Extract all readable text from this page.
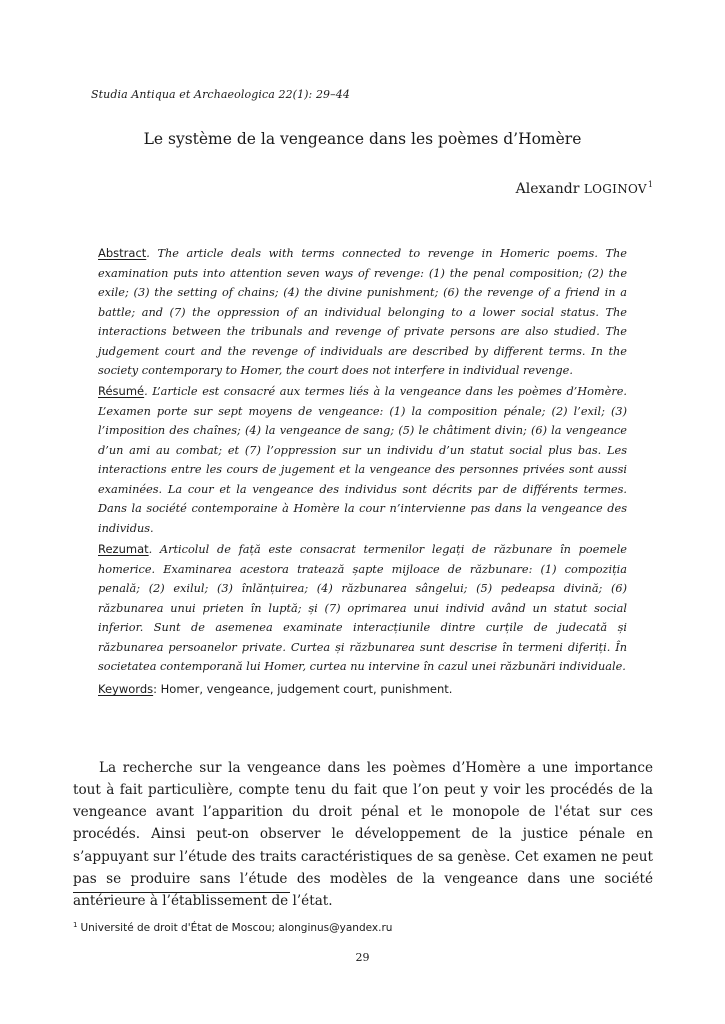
Studia Antiqua et Archaeologica 22(1): 29–44
Le système de la vengeance dans les poèmes d’Homère
Alexandr LOGINOV$^1$
Abstract. The article deals with terms connected to revenge in Homeric poems. The examination puts into attention seven ways of revenge: (1) the penal composition; (2) the exile; (3) the setting of chains; (4) the divine punishment; (6) the revenge of a friend in a battle; and (7) the oppression of an individual belonging to a lower social status. The interactions between the tribunals and revenge of private persons are also studied. The judgement court and the revenge of individuals are described by different terms. In the society contemporary to Homer, the court does not interfere in individual revenge.
Résumé. L’article est consacré aux termes liés à la vengeance dans les poèmes d’Homère. L’examen porte sur sept moyens de vengeance: (1) la composition pénale; (2) l’exil; (3) l’imposition des chaînes; (4) la vengeance de sang; (5) le châtiment divin; (6) la vengeance d’un ami au combat; et (7) l’oppression sur un individu d’un statut social plus bas. Les interactions entre les cours de jugement et la vengeance des personnes privées sont aussi examinées. La cour et la vengeance des individus sont décrits par de différents termes. Dans la société contemporaine à Homère la cour n’intervienne pas dans la vengeance des individus.
Rezumat. Articolul de față este consacrat termenilor legați de răzbunare în poemele homerice. Examinarea acestora tratează șapte mijloace de răzbunare: (1) compoziția penală; (2) exilul; (3) înlănțuirea; (4) răzbunarea sângelui; (5) pedeapsa divină; (6) răzbunarea unui prieten în luptă; și (7) oprimarea unui individ având un statut social inferior. Sunt de asemenea examinate interacțiunile dintre curțile de judecată și răzbunarea persoanelor private. Curtea și răzbunarea sunt descrise în termeni diferiți. În societatea contemporană lui Homer, curtea nu intervine în cazul unei răzbunări individuale.
Keywords: Homer, vengeance, judgement court, punishment.

La recherche sur la vengeance dans les poèmes d’Homère a une importance tout à fait particulière, compte tenu du fait que l’on peut y voir les procédés de la vengeance avant l’apparition du droit pénal et le monopole de l'état sur ces procédés. Ainsi peut-on observer le développement de la justice pénale en s’appuyant sur l’étude des traits caractéristiques de sa genèse. Cet examen ne peut pas se produire sans l’étude des modèles de la vengeance dans une société antérieure à l’établissement de l’état.

$^1$ Université de droit d'État de Moscou; alonginus@yandex.ru
29
